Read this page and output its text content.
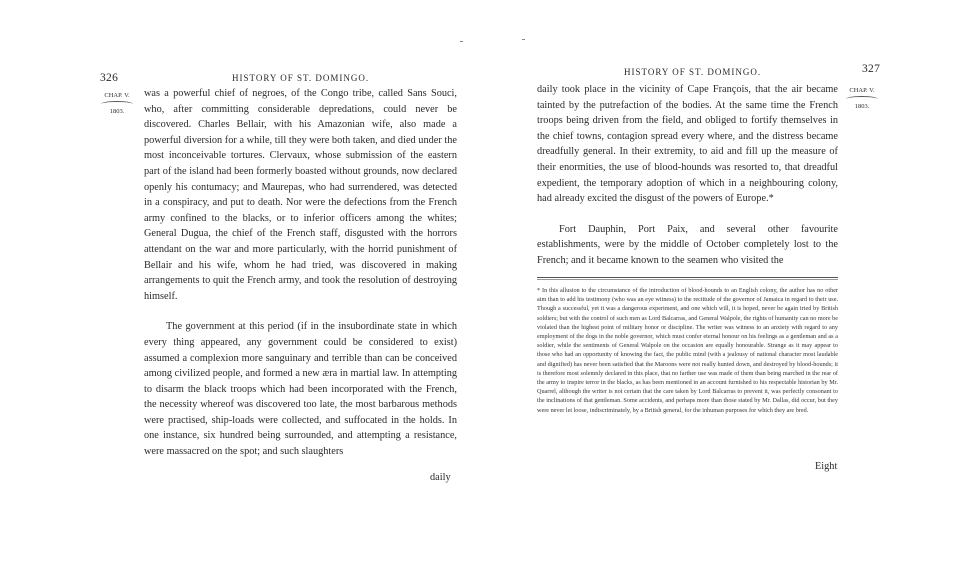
326	HISTORY OF ST. DOMINGO.
CHAP. V.
1803.

was a powerful chief of negroes, of the Congo tribe, called Sans Souci, who, after committing considerable depredations, could never be discovered. Charles Bellair, with his Amazonian wife, also made a powerful diversion for a while, till they were both taken, and died under the most inconceivable tortures. Clervaux, whose submission of the eastern part of the island had been formerly boasted without grounds, now declared openly his contumacy; and Maurepas, who had surrendered, was detected in a conspiracy, and put to death. Nor were the defections from the French army confined to the blacks, or to inferior officers among the whites; General Dugua, the chief of the French staff, disgusted with the horrors attendant on the war and more particularly, with the horrid punishment of Bellair and his wife, whom he had tried, was discovered in making arrangements to quit the French army, and took the resolution of destroying himself.

The government at this period (if in the insubordinate state in which every thing appeared, any government could be considered to exist) assumed a complexion more sanguinary and terrible than can be conceived among civilized people, and formed a new æra in martial law. In attempting to disarm the black troops which had been incorporated with the French, the necessity whereof was discovered too late, the most barbarous methods were practised, ship-loads were collected, and suffocated in the holds. In one instance, six hundred being surrounded, and attempting a resistance, were massacred on the spot; and such slaughters

daily
HISTORY OF ST. DOMINGO.	327
CHAP. V.
1803.

daily took place in the vicinity of Cape François, that the air became tainted by the putrefaction of the bodies. At the same time the French troops being driven from the field, and obliged to fortify themselves in the chief towns, contagion spread every where, and the distress became dreadfully general. In their extremity, to aid and fill up the measure of their enormities, the use of blood-hounds was resorted to, that dreadful expedient, the temporary adoption of which in a neighbouring colony, had already excited the disgust of the powers of Europe.*

Fort Dauphin, Port Paix, and several other favourite establishments, were by the middle of October completely lost to the French; and it became known to the seamen who visited the

* In this allusion to the circumstance of the introduction of blood-hounds to an English colony, the author has no other aim than to add his testimony (who was an eye witness) to the rectitude of the governor of Jamaica in regard to their use. Though a successful, yet it was a dangerous experiment, and one which will, it is hoped, never be again tried by British soldiers; but with the control of such men as Lord Balcarras, and General Walpole, the rights of humanity can no more be violated than the highest point of military honor or discipline. The writer was witness to an anxiety with regard to any employment of the dogs in the noble governor, which must confer eternal honour on his feelings as a gentleman and as a soldier, while the sentiments of General Walpole on the occasion are equally honourable. Strange as it may appear to those who had an opportunity of knowing the fact, the public mind (with a jealousy of national character most laudable and dignified) has never been satisfied that the Maroons were not really hunted down, and destroyed by blood-hounds; it is therefore most solemnly declared in this place, that no farther use was made of them than being marched in the rear of the army to inspire terror in the blacks, as has been mentioned in an account furnished to his respectable historian by Mr. Quarrel, although the writer is not certain that the care taken by Lord Balcarras to prevent it, was perfectly consonant to the inclinations of that gentleman. Some accidents, and perhaps more than those stated by Mr. Dallas, did occur, but they were never let loose, indiscriminately, by a British general, for the inhuman purposes for which they are bred.
Eight
